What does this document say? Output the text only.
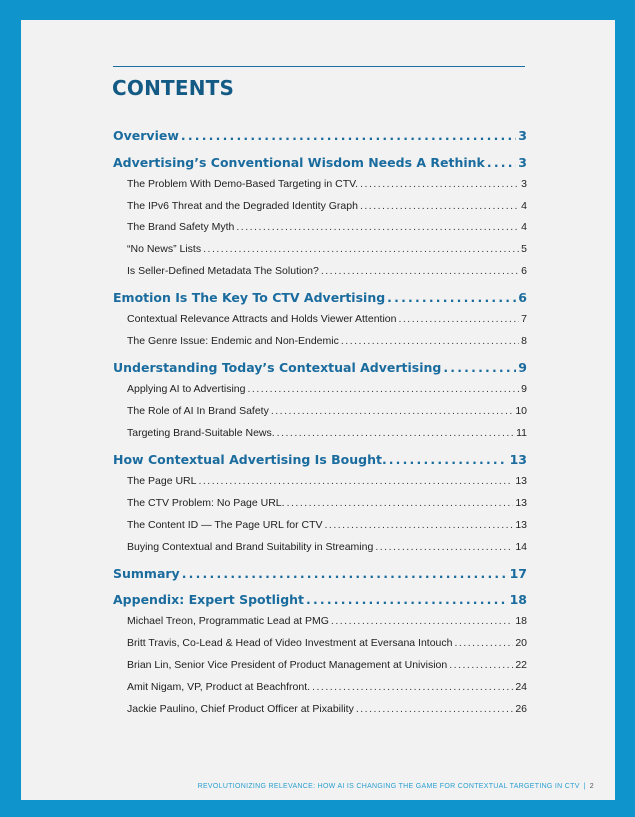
CONTENTS
Overview .....	3
Advertising’s Conventional Wisdom Needs A Rethink .....	3
The Problem With Demo-Based Targeting in CTV. .....	3
The IPv6 Threat and the Degraded Identity Graph .....	4
The Brand Safety Myth .....	4
“No News” Lists .....	5
Is Seller-Defined Metadata The Solution? .....	6
Emotion Is The Key To CTV Advertising .....	6
Contextual Relevance Attracts and Holds Viewer Attention .....	7
The Genre Issue: Endemic and Non-Endemic .....	8
Understanding Today’s Contextual Advertising .....	9
Applying AI to Advertising .....	9
The Role of AI In Brand Safety .....	10
Targeting Brand-Suitable News. .....	11
How Contextual Advertising Is Bought. .....	13
The Page URL .....	13
The CTV Problem: No Page URL. .....	13
The Content ID — The Page URL for CTV .....	13
Buying Contextual and Brand Suitability in Streaming .....	14
Summary .....	17
Appendix: Expert Spotlight .....	18
Michael Treon, Programmatic Lead at PMG .....	18
Britt Travis, Co-Lead & Head of Video Investment at Eversana Intouch .....	20
Brian Lin, Senior Vice President of Product Management at Univision .....	22
Amit Nigam, VP, Product at Beachfront. .....	24
Jackie Paulino, Chief Product Officer at Pixability .....	26
REVOLUTIONIZING RELEVANCE: HOW AI IS CHANGING THE GAME FOR CONTEXTUAL TARGETING IN CTV | 2
